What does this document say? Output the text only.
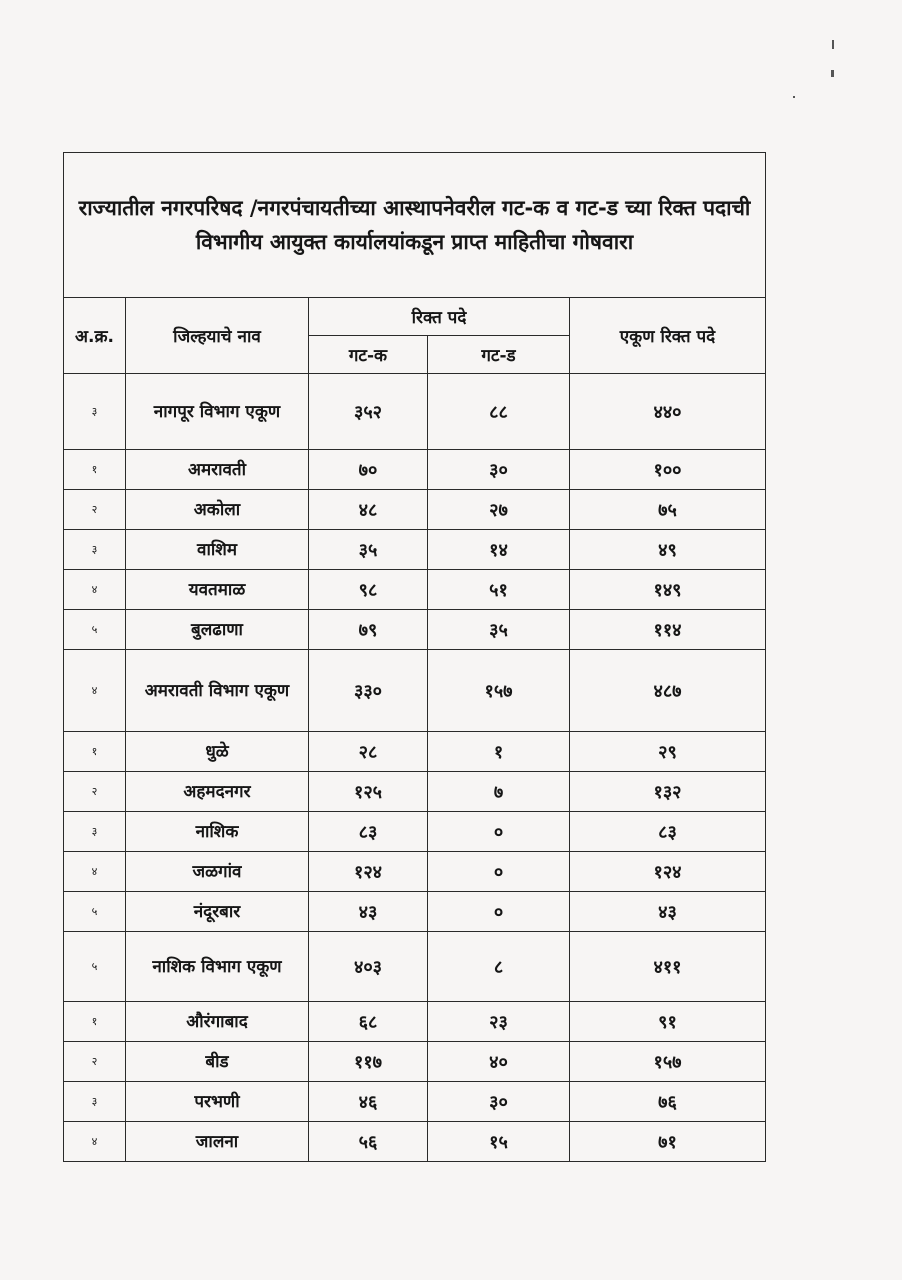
राज्यातील नगरपरिषद /नगरपंचायतीच्या आस्थापनेवरील गट-क व गट-ड च्या रिक्त पदाची विभागीय आयुक्त कार्यालयांकडून प्राप्त माहितीचा गोषवारा				
अ.क्र.	जिल्हयाचे नाव	रिक्त पदे		एकूण रिक्त पदे
		गट-क	गट-ड	
३	नागपूर विभाग एकूण	३५२	८८	४४०
१	अमरावती	७०	३०	१००
२	अकोला	४८	२७	७५
३	वाशिम	३५	१४	४९
४	यवतमाळ	९८	५१	१४९
५	बुलढाणा	७९	३५	११४
४	अमरावती विभाग एकूण	३३०	१५७	४८७
१	धुळे	२८	१	२९
२	अहमदनगर	१२५	७	१३२
३	नाशिक	८३	०	८३
४	जळगांव	१२४	०	१२४
५	नंदूरबार	४३	०	४३
५	नाशिक विभाग एकूण	४०३	८	४११
१	औरंगाबाद	६८	२३	९१
२	बीड	११७	४०	१५७
३	परभणी	४६	३०	७६
४	जालना	५६	१५	७१
